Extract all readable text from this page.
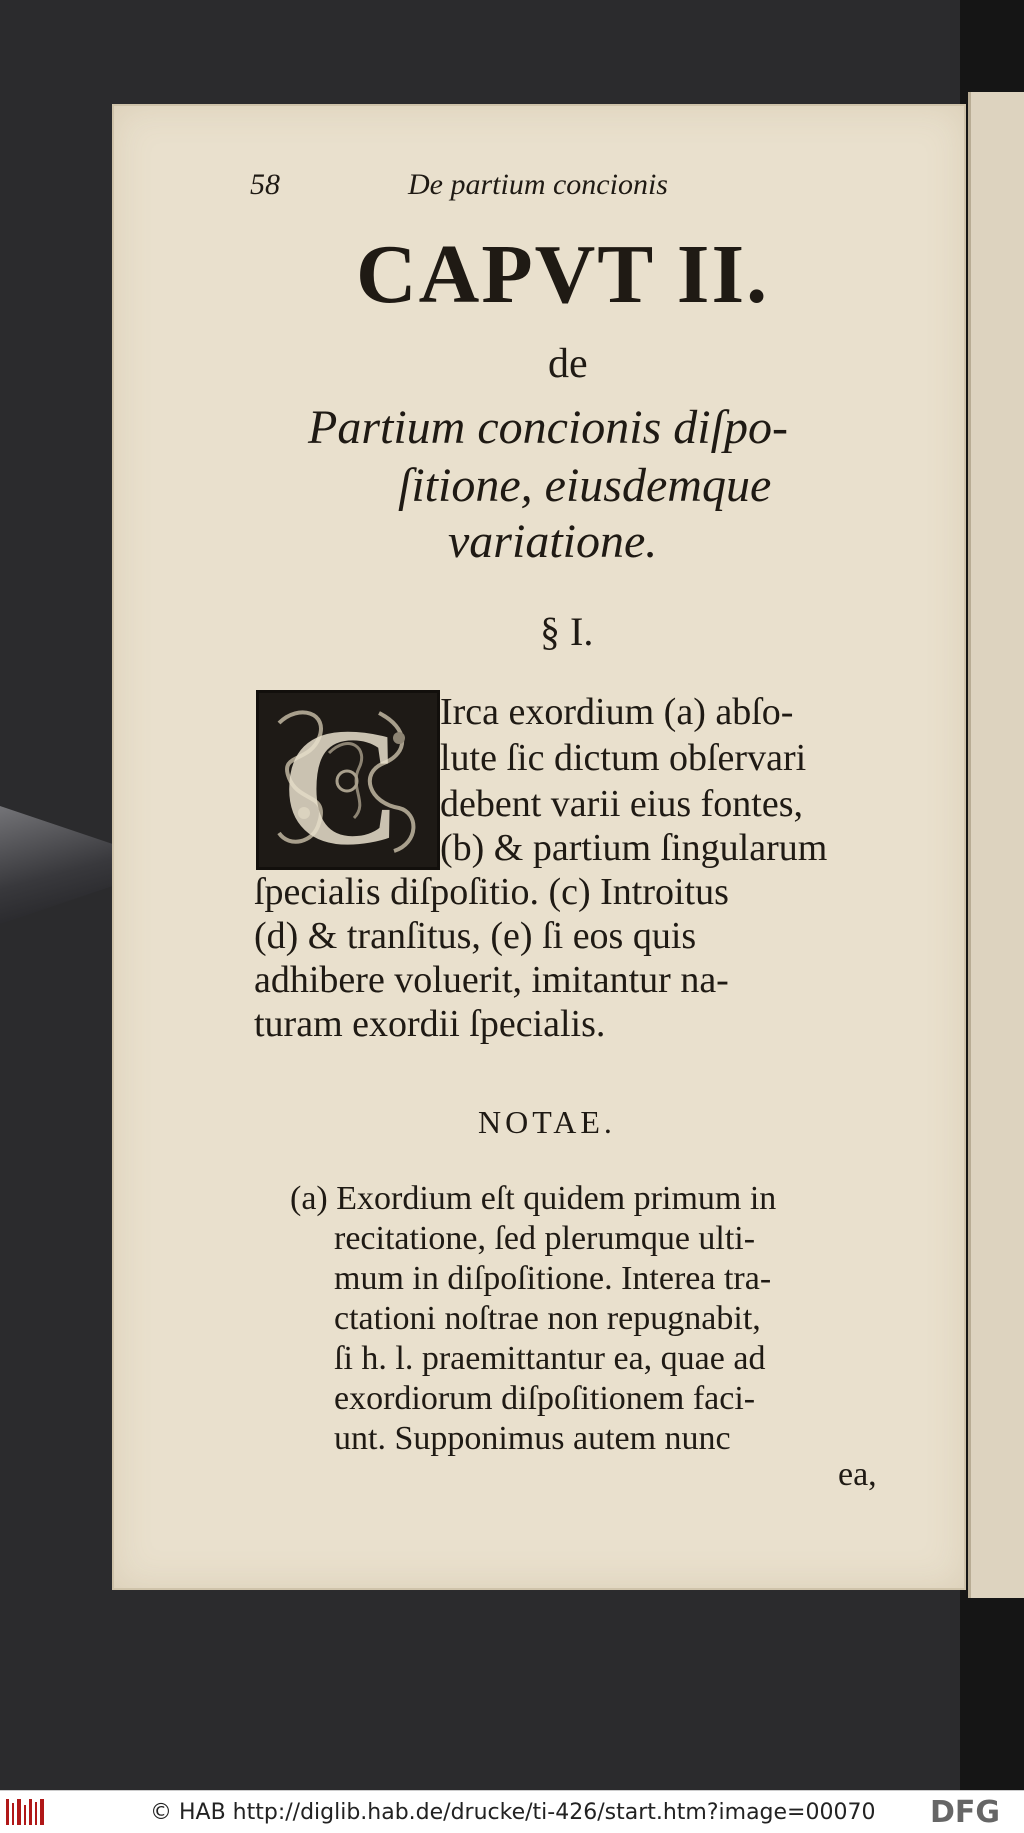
58	De partium concionis

CAPVT II.

de

Partium concionis diſpo-

ſitione, eiusdemque

variatione.

§ I.

C Irca exordium (a) abſo-

lute ſic dictum obſervari

debent varii eius fontes,

(b) & partium ſingularum

ſpecialis diſpoſitio. (c) Introitus

(d) & tranſitus, (e) ſi eos quis

adhibere voluerit, imitantur na-

turam exordii ſpecialis.

NOTAE.

(a) Exordium eſt quidem primum in

recitatione, ſed plerumque ulti-

mum in diſpoſitione. Interea tra-

ctationi noſtrae non repugnabit,

ſi h. l. praemittantur ea, quae ad

exordiorum diſpoſitionem faci-

unt. Supponimus autem nunc

ea,

© HAB http://diglib.hab.de/drucke/ti-426/start.htm?image=00070 DFG
